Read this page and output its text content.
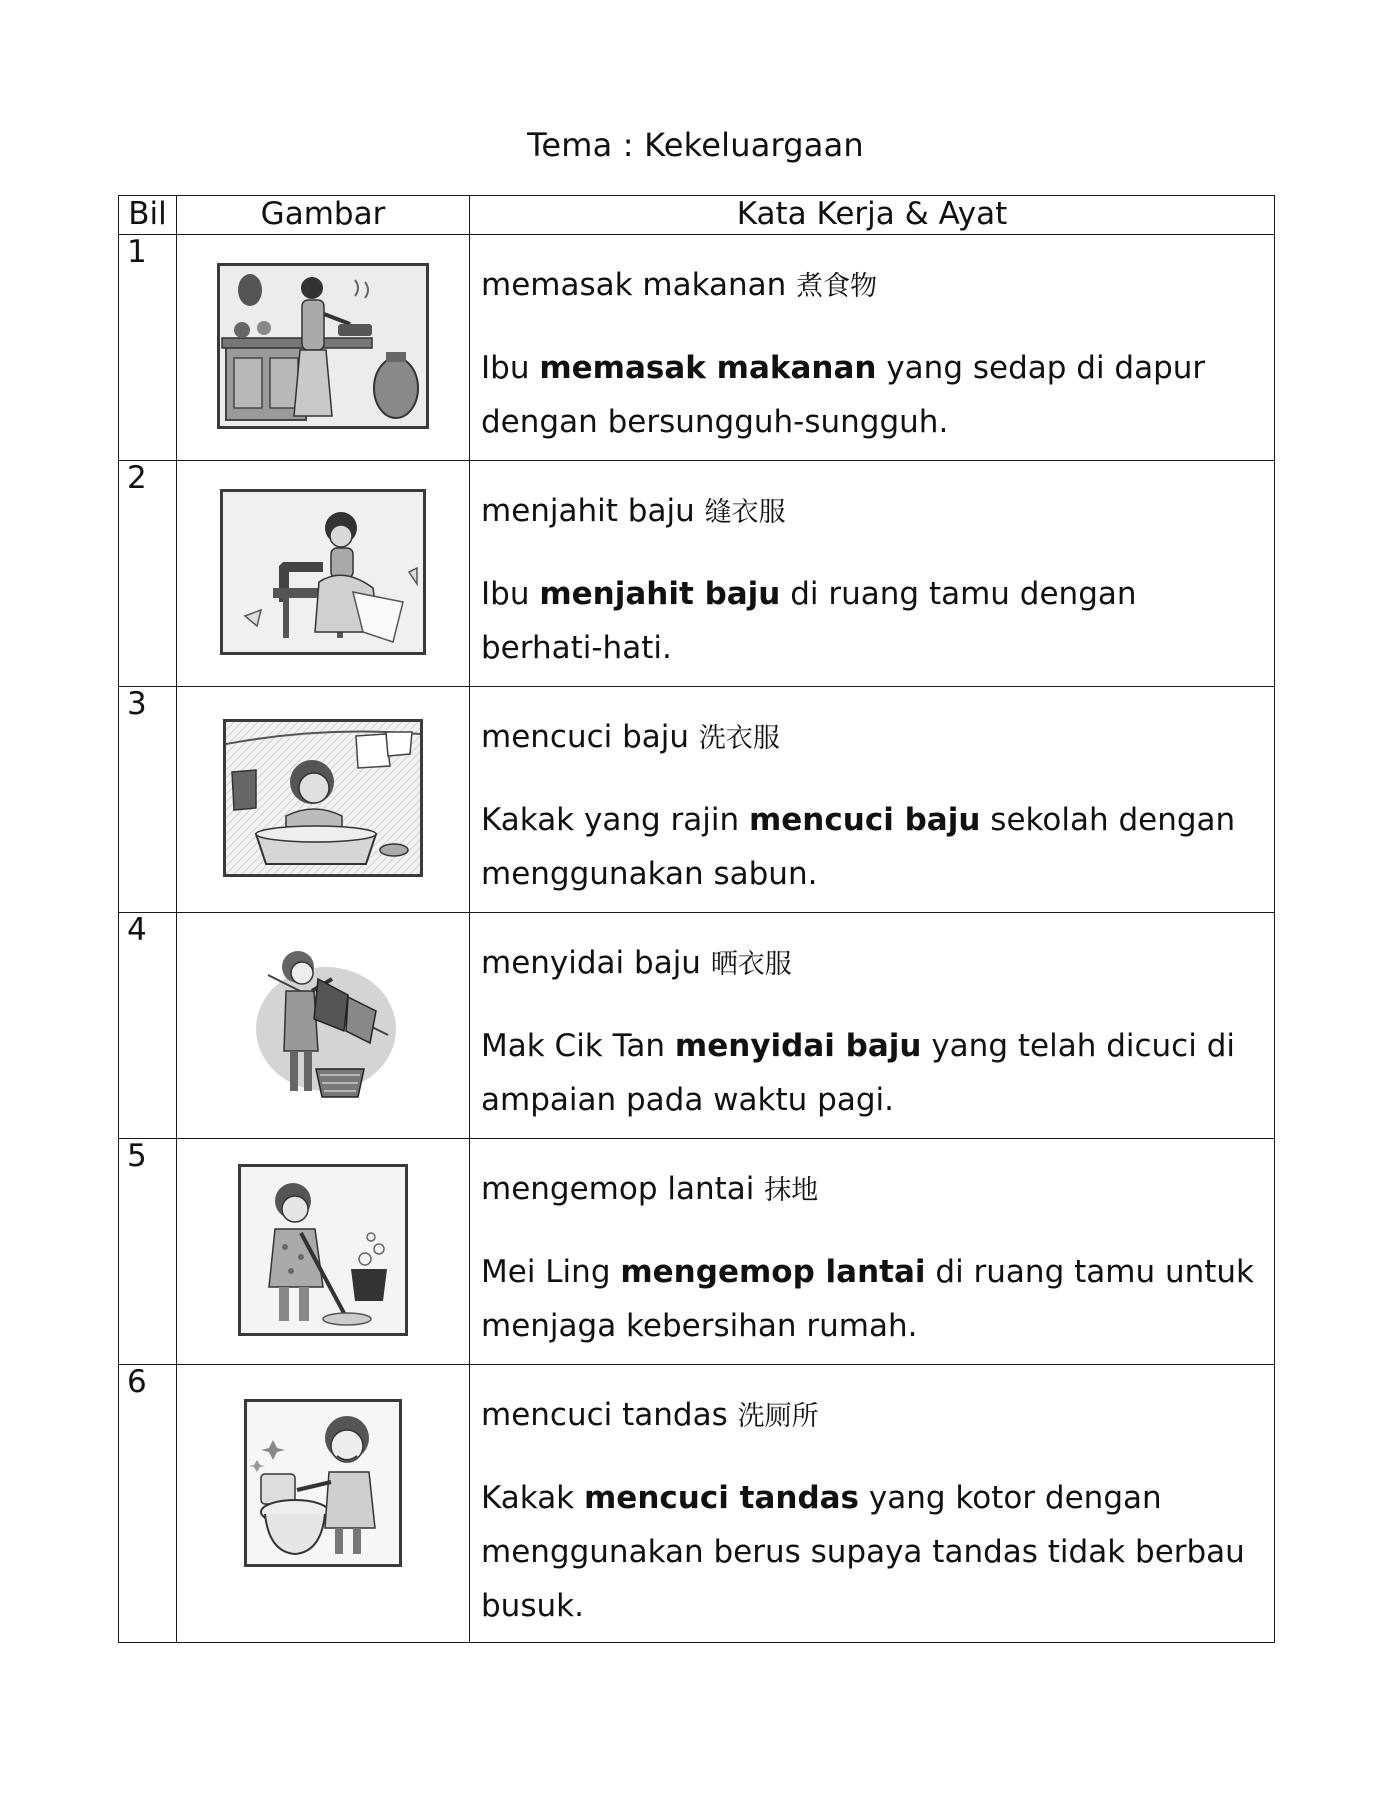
Tema : Kekeluargaan
Bil	Gambar	Kata Kerja & Ayat
1		memasak makanan 煮食物
Ibu memasak makanan yang sedap di dapur dengan bersungguh-sungguh.

2		menjahit baju 缝衣服
Ibu menjahit baju di ruang tamu dengan berhati-hati.

3		mencuci baju 洗衣服
Kakak yang rajin mencuci baju sekolah dengan menggunakan sabun.

4		menyidai baju 晒衣服
Mak Cik Tan menyidai baju yang telah dicuci di ampaian pada waktu pagi.

5		mengemop lantai 抹地
Mei Ling mengemop lantai di ruang tamu untuk menjaga kebersihan rumah.

6		mencuci tandas 洗厕所
Kakak mencuci tandas yang kotor dengan menggunakan berus supaya tandas tidak berbau busuk.
